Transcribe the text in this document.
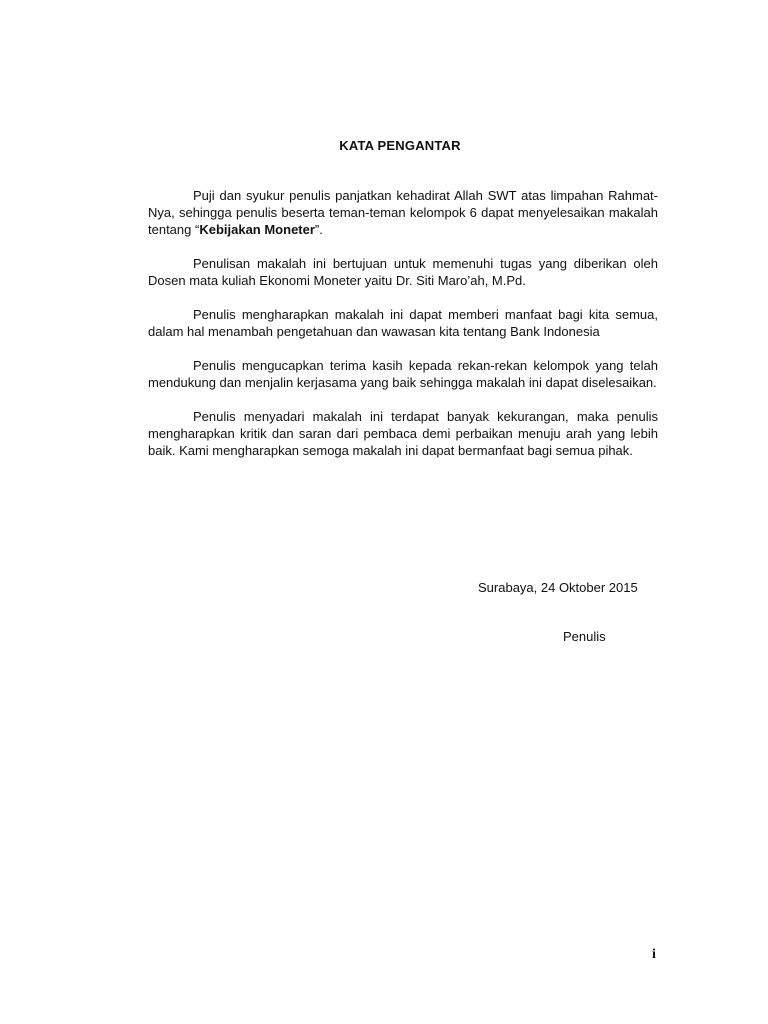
KATA PENGANTAR

Puji dan syukur penulis panjatkan kehadirat Allah SWT atas limpahan Rahmat-Nya, sehingga penulis beserta teman-teman kelompok 6 dapat menyelesaikan makalah tentang “Kebijakan Moneter”.

Penulisan makalah ini bertujuan untuk memenuhi tugas yang diberikan oleh Dosen mata kuliah Ekonomi Moneter yaitu Dr. Siti Maro’ah, M.Pd.

Penulis mengharapkan makalah ini dapat memberi manfaat bagi kita semua, dalam hal menambah pengetahuan dan wawasan kita tentang Bank Indonesia

Penulis mengucapkan terima kasih kepada rekan-rekan kelompok yang telah mendukung dan menjalin kerjasama yang baik sehingga makalah ini dapat diselesaikan.

Penulis menyadari makalah ini terdapat banyak kekurangan, maka penulis mengharapkan kritik dan saran dari pembaca demi perbaikan menuju arah yang lebih baik. Kami mengharapkan semoga makalah ini dapat bermanfaat bagi semua pihak.

Surabaya, 24 Oktober 2015
Penulis
i
